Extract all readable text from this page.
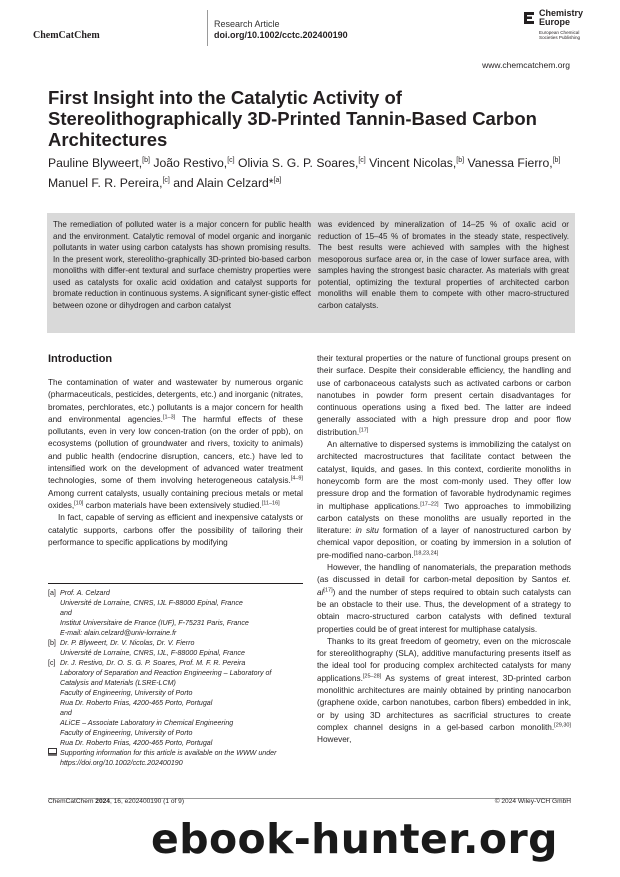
ChemCatChem
Research Article
doi.org/10.1002/cctc.202400190
Chemistry
Europe
European Chemical
Societies Publishing
www.chemcatchem.org
First Insight into the Catalytic Activity of Stereolithographically 3D-Printed Tannin-Based Carbon Architectures
Pauline Blyweert,[b] João Restivo,[c] Olivia S. G. P. Soares,[c] Vincent Nicolas,[b] Vanessa Fierro,[b] Manuel F. R. Pereira,[c] and Alain Celzard*[a]
The remediation of polluted water is a major concern for public health and the environment. Catalytic removal of model organic and inorganic pollutants in water using carbon catalysts has shown promising results. In the present work, stereolitho-graphically 3D-printed bio-based carbon monoliths with differ-ent textural and surface chemistry properties were used as catalysts for oxalic acid oxidation and catalyst supports for bromate reduction in continuous systems. A significant syner-gistic effect between ozone or dihydrogen and carbon catalyst
was evidenced by mineralization of 14–25 % of oxalic acid or reduction of 15–45 % of bromates in the steady state, respectively. The best results were achieved with samples with the highest mesoporous surface area or, in the case of lower surface area, with samples having the strongest basic character. As materials with great potential, optimizing the textural properties of architected carbon monoliths will enable them to compete with other macro-structured carbon catalysts.
Introduction

The contamination of water and wastewater by numerous organic (pharmaceuticals, pesticides, detergents, etc.) and inorganic (nitrates, bromates, perchlorates, etc.) pollutants is a major concern for health and environmental agencies.[1–3] The harmful effects of these pollutants, even in very low concen-tration (on the order of ppb), on ecosystems (pollution of groundwater and rivers, toxicity to animals) and public health (endocrine disruption, cancers, etc.) have led to intensified work on the development of advanced water treatment technologies, some of them involving heterogeneous catalysis.[4–9] Among current catalysts, usually containing precious metals or metal oxides,[10] carbon materials have been extensively studied.[11–16]

In fact, capable of serving as efficient and inexpensive catalysts or catalytic supports, carbons offer the possibility of tailoring their performance to specific applications by modifying

their textural properties or the nature of functional groups present on their surface. Despite their considerable efficiency, the handling and use of carbonaceous catalysts such as activated carbons or carbon nanotubes in powder form present certain disadvantages for continuous operations using a fixed bed. The latter are indeed generally associated with a high pressure drop and poor flow distribution.[17]

An alternative to dispersed systems is immobilizing the catalyst on architected macrostructures that facilitate contact between the catalyst, liquids, and gases. In this context, cordierite monoliths in honeycomb form are the most com-monly used. They offer low pressure drop and the formation of favorable hydrodynamic regimes in multiphase applications.[17–22] Two approaches to immobilizing carbon catalysts on these monoliths are usually reported in the literature: in situ formation of a layer of nanostructured carbon by chemical vapor deposition, or coating by immersion in a solution of pre-modified nano-carbon.[18,23,24]

However, the handling of nanomaterials, the preparation methods (as discussed in detail for carbon-metal deposition by Santos et. al[17]) and the number of steps required to obtain such catalysts can be an obstacle to their use. Thus, the development of a strategy to obtain macro-structured carbon catalysts with defined textural properties could be of great interest for multiphase catalysis.

Thanks to its great freedom of geometry, even on the microscale for stereolithography (SLA), additive manufacturing presents itself as the ideal tool for producing complex architected catalysts for many applications.[25–28] As systems of great interest, 3D-printed carbon monolithic architectures are mainly obtained by printing nanocarbon (graphene oxide, carbon nanotubes, carbon fibers) embedded in ink, or by using 3D architectures as sacrificial structures to create complex channel designs in a gel-based carbon monolith.[29,30] However,

[a] Prof. A. Celzard
Université de Lorraine, CNRS, IJL F-88000 Epinal, France
and
Institut Universitaire de France (IUF), F-75231 Paris, France
E-mail: alain.celzard@univ-lorraine.fr
[b] Dr. P. Blyweert, Dr. V. Nicolas, Dr. V. Fierro
Université de Lorraine, CNRS, IJL, F-88000 Epinal, France
[c] Dr. J. Restivo, Dr. O. S. G. P. Soares, Prof. M. F. R. Pereira
Laboratory of Separation and Reaction Engineering – Laboratory of
Catalysis and Materials (LSRE-LCM)
Faculty of Engineering, University of Porto
Rua Dr. Roberto Frias, 4200-465 Porto, Portugal
and
ALiCE – Associate Laboratory in Chemical Engineering
Faculty of Engineering, University of Porto
Rua Dr. Roberto Frias, 4200-465 Porto, Portugal
Supporting information for this article is available on the WWW under
https://doi.org/10.1002/cctc.202400190
ChemCatChem 2024, 16, e202400190 (1 of 9)	© 2024 Wiley-VCH GmbH
ebook-hunter.org
